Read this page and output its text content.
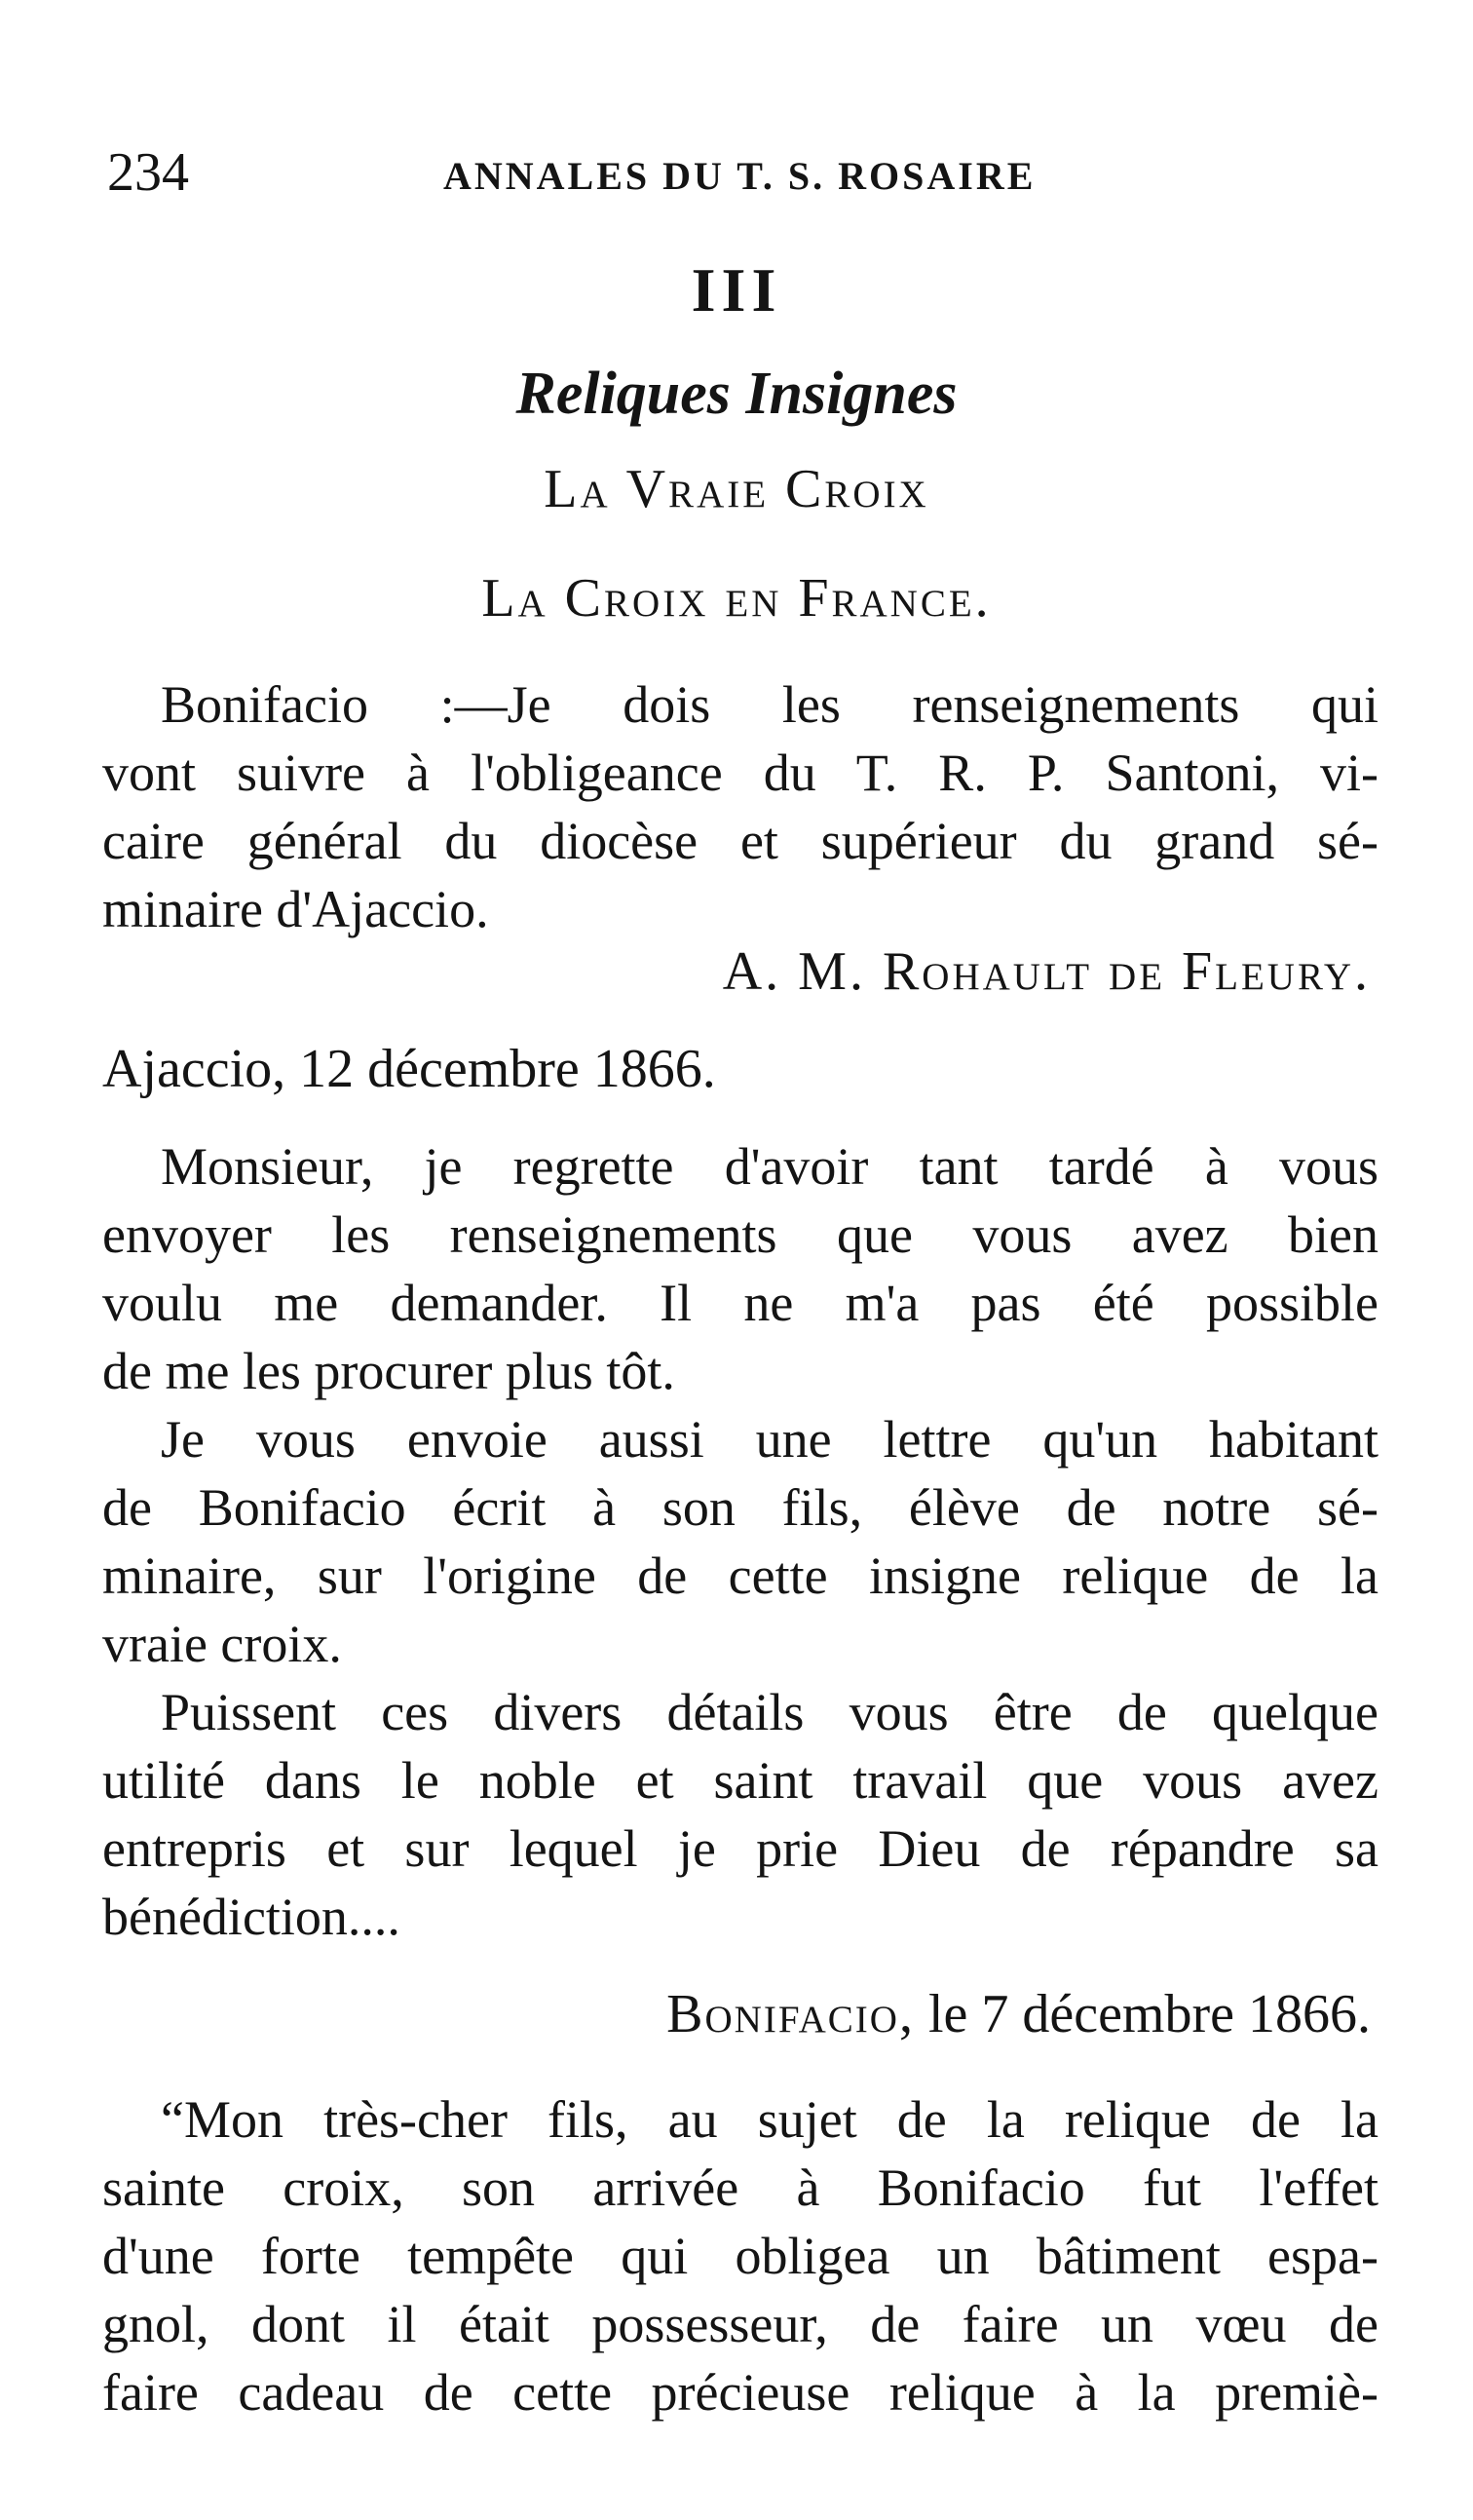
234	ANNALES DU T. S. ROSAIRE
III
Reliques Insignes
La Vraie Croix
La Croix en France.
Bonifacio :—Je dois les renseignements qui
vont suivre à l'obligeance du T. R. P. Santoni, vi-
caire général du diocèse et supérieur du grand sé-
minaire d'Ajaccio.
A. M. Rohault de Fleury.
Ajaccio, 12 décembre 1866.
Monsieur, je regrette d'avoir tant tardé à vous
envoyer les renseignements que vous avez bien
voulu me demander. Il ne m'a pas été possible
de me les procurer plus tôt.
Je vous envoie aussi une lettre qu'un habitant
de Bonifacio écrit à son fils, élève de notre sé-
minaire, sur l'origine de cette insigne relique de la
vraie croix.
Puissent ces divers détails vous être de quelque
utilité dans le noble et saint travail que vous avez
entrepris et sur lequel je prie Dieu de répandre sa
bénédiction....
Bonifacio, le 7 décembre 1866.
“Mon très-cher fils, au sujet de la relique de la
sainte croix, son arrivée à Bonifacio fut l'effet
d'une forte tempête qui obligea un bâtiment espa-
gnol, dont il était possesseur, de faire un vœu de
faire cadeau de cette précieuse relique à la premiè-
